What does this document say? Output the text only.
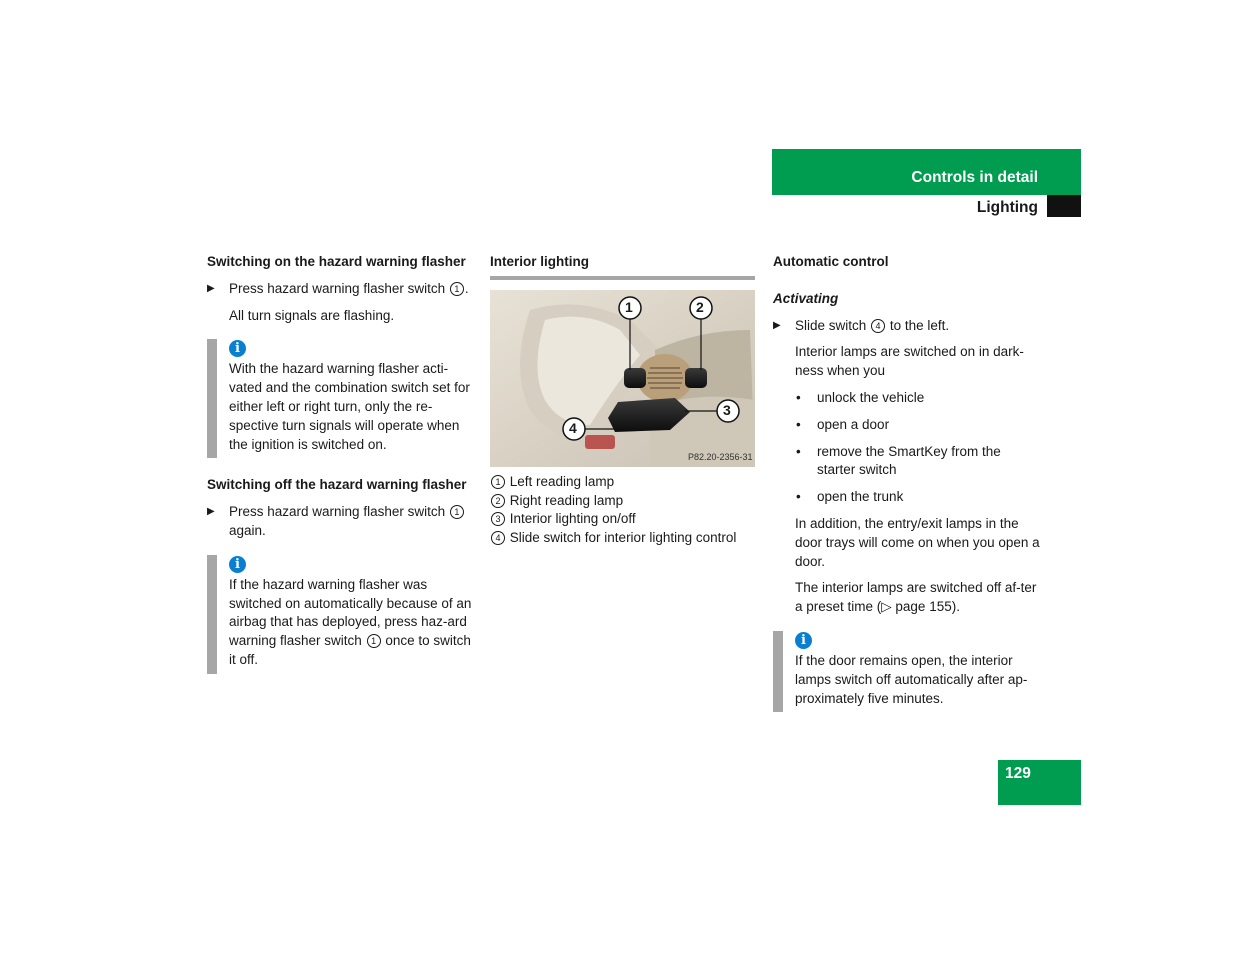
Controls in detail
Lighting
Switching on the hazard warning flasher
▶ Press hazard warning flasher switch 1 .
All turn signals are flashing.
i

With the hazard warning flasher acti-vated and the combination switch set for either left or right turn, only the re-spective turn signals will operate when the ignition is switched on.

Switching off the hazard warning flasher
▶ Press hazard warning flasher switch 1 again.
i

If the hazard warning flasher was switched on automatically because of an airbag that has deployed, press haz-ard warning flasher switch 1 once to switch it off.

Interior lighting
1	2
3
4
P82.20-2356-31

1 Left reading lamp

2 Right reading lamp

3 Interior lighting on/off

4 Slide switch for interior lighting control

Automatic control
Activating
▶ Slide switch 4 to the left.
Interior lamps are switched on in dark-ness when you
• unlock the vehicle
• open a door
• remove the SmartKey from the starter switch
• open the trunk
In addition, the entry/exit lamps in the door trays will come on when you open a door.
The interior lamps are switched off af-ter a preset time (▷ page 155).
i

If the door remains open, the interior lamps switch off automatically after ap-proximately five minutes.

129
